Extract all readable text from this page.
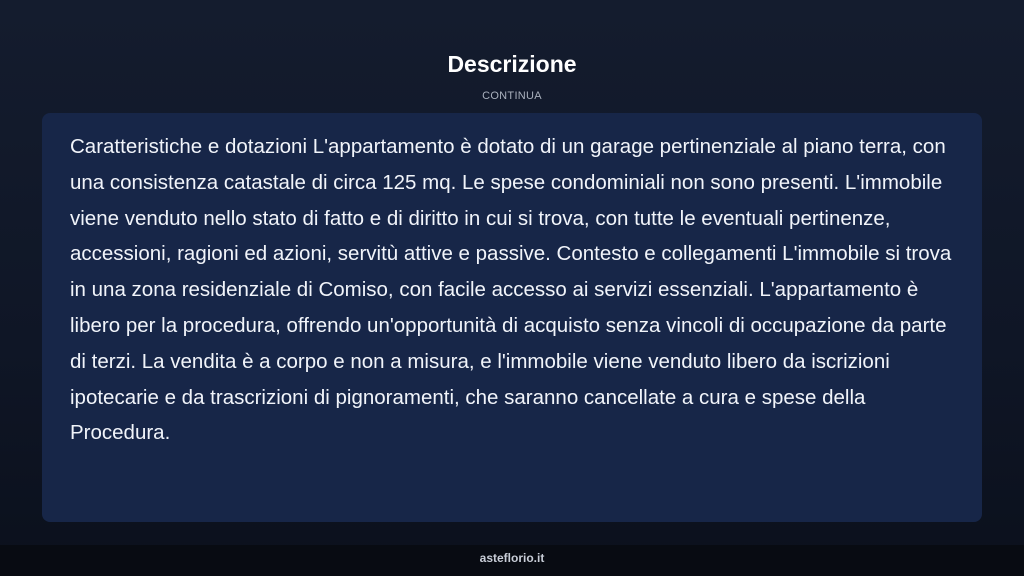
Descrizione
CONTINUA

Caratteristiche e dotazioni L'appartamento è dotato di un garage pertinenziale al piano terra, con una consistenza catastale di circa 125 mq. Le spese condominiali non sono presenti. L'immobile viene venduto nello stato di fatto e di diritto in cui si trova, con tutte le eventuali pertinenze, accessioni, ragioni ed azioni, servitù attive e passive. Contesto e collegamenti L'immobile si trova in una zona residenziale di Comiso, con facile accesso ai servizi essenziali. L'appartamento è libero per la procedura, offrendo un'opportunità di acquisto senza vincoli di occupazione da parte di terzi. La vendita è a corpo e non a misura, e l'immobile viene venduto libero da iscrizioni ipotecarie e da trascrizioni di pignoramenti, che saranno cancellate a cura e spese della Procedura.

asteflorio.it
